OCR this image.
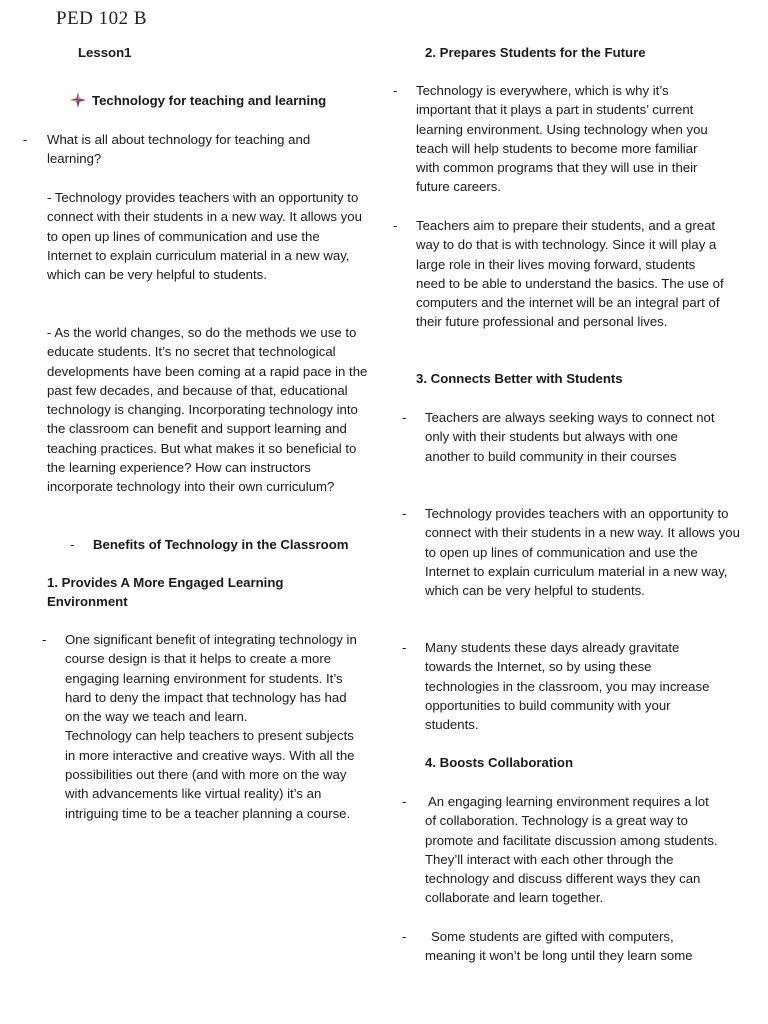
PED 102 B
Lesson1
Technology for teaching and learning
-	What is all about technology for teaching and learning?
- Technology provides teachers with an opportunity to connect with their students in a new way. It allows you to open up lines of communication and use the Internet to explain curriculum material in a new way, which can be very helpful to students.
- As the world changes, so do the methods we use to educate students. It’s no secret that technological developments have been coming at a rapid pace in the past few decades, and because of that, educational technology is changing. Incorporating technology into the classroom can benefit and support learning and teaching practices. But what makes it so beneficial to the learning experience? How can instructors incorporate technology into their own curriculum?
-	Benefits of Technology in the Classroom
1. Provides A More Engaged Learning Environment
-	One significant benefit of integrating technology in course design is that it helps to create a more engaging learning environment for students. It’s hard to deny the impact that technology has had on the way we teach and learn.
Technology can help teachers to present subjects in more interactive and creative ways. With all the possibilities out there (and with more on the way with advancements like virtual reality) it’s an intriguing time to be a teacher planning a course.
2. Prepares Students for the Future
-	Technology is everywhere, which is why it’s important that it plays a part in students’ current learning environment. Using technology when you teach will help students to become more familiar with common programs that they will use in their future careers.
-	Teachers aim to prepare their students, and a great way to do that is with technology. Since it will play a large role in their lives moving forward, students need to be able to understand the basics. The use of computers and the internet will be an integral part of their future professional and personal lives.
3. Connects Better with Students
-	Teachers are always seeking ways to connect not only with their students but always with one another to build community in their courses
-	Technology provides teachers with an opportunity to connect with their students in a new way. It allows you to open up lines of communication and use the Internet to explain curriculum material in a new way, which can be very helpful to students.
-	Many students these days already gravitate towards the Internet, so by using these technologies in the classroom, you may increase opportunities to build community with your students.
4. Boosts Collaboration
-	An engaging learning environment requires a lot of collaboration. Technology is a great way to promote and facilitate discussion among students. They’ll interact with each other through the technology and discuss different ways they can collaborate and learn together.
-	Some students are gifted with computers, meaning it won’t be long until they learn some
